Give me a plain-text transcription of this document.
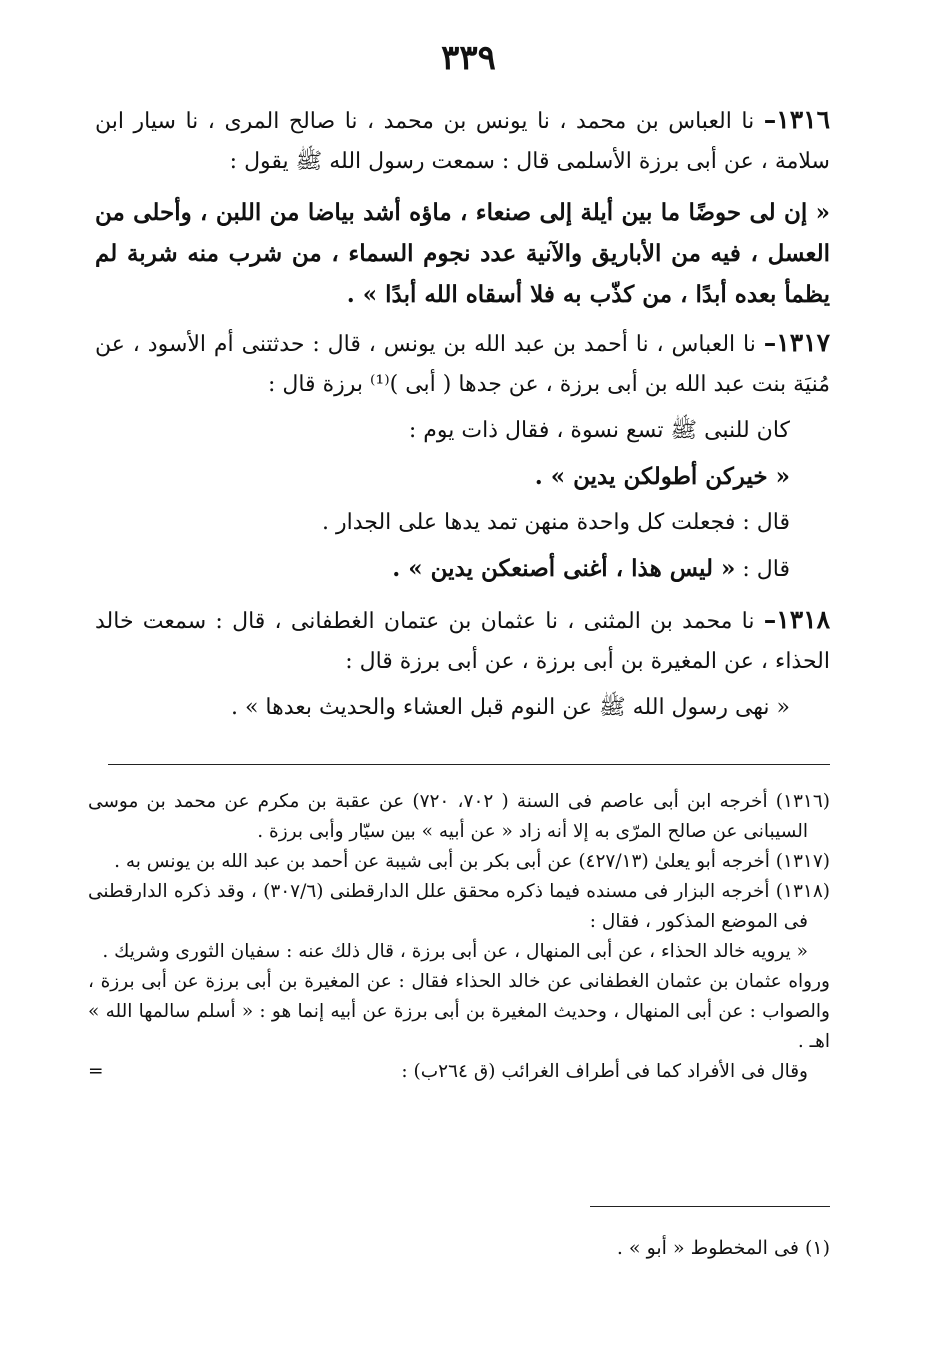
٣٣٩

١٣١٦– نا العباس بن محمد ، نا يونس بن محمد ، نا صالح المرى ، نا سيار ابن سلامة ، عن أبى برزة الأسلمى قال : سمعت رسول الله ﷺ يقول :

« إن لى حوضًا ما بين أيلة إلى صنعاء ، ماؤه أشد بياضا من اللبن ، وأحلى من العسل ، فيه من الأباريق والآنية عدد نجوم السماء ، من شرب منه شربة لم يظمأ بعده أبدًا ، من كذّب به فلا أسقاه الله أبدًا » .

١٣١٧– نا العباس ، نا أحمد بن عبد الله بن يونس ، قال : حدثتنى أم الأسود ، عن مُنيَة بنت عبد الله بن أبى برزة ، عن جدها ( أبى )⁽¹⁾ برزة قال :

كان للنبى ﷺ تسع نسوة ، فقال ذات يوم :

« خيركن أطولكن يدين » .

قال : فجعلت كل واحدة منهن تمد يدها على الجدار .

قال : « ليس هذا ، أغنى أصنعكن يدين » .

١٣١٨– نا محمد بن المثنى ، نا عثمان بن عتمان الغطفانى ، قال : سمعت خالد الحذاء ، عن المغيرة بن أبى برزة ، عن أبى برزة قال :

« نهى رسول الله ﷺ عن النوم قبل العشاء والحديث بعدها » .

(١٣١٦) أخرجه ابن أبى عاصم فى السنة ( ٧٠٢، ٧٢٠) عن عقبة بن مكرم عن محمد بن موسى السيبانى عن صالح المرّى به إلا أنه زاد « عن أبيه » بين سيّار وأبى برزة .

(١٣١٧) أخرجه أبو يعلىٰ (٤٢٧/١٣) عن أبى بكر بن أبى شيبة عن أحمد بن عبد الله بن يونس به .

(١٣١٨) أخرجه البزار فى مسنده فيما ذكره محقق علل الدارقطنى (٣٠٧/٦) ، وقد ذكره الدارقطنى فى الموضع المذكور ، فقال :

« يرويه خالد الحذاء ، عن أبى المنهال ، عن أبى برزة ، قال ذلك عنه : سفيان الثورى وشريك .

ورواه عثمان بن عثمان الغطفانى عن خالد الحذاء فقال : عن المغيرة بن أبى برزة عن أبى برزة ، والصواب : عن أبى المنهال ، وحديث المغيرة بن أبى برزة عن أبيه إنما هو : « أسلم سالمها الله » اهـ .

وقال فى الأفراد كما فى أطراف الغرائب (ق ٢٦٤ب) :
=

(١) فى المخطوط « أبو » .
